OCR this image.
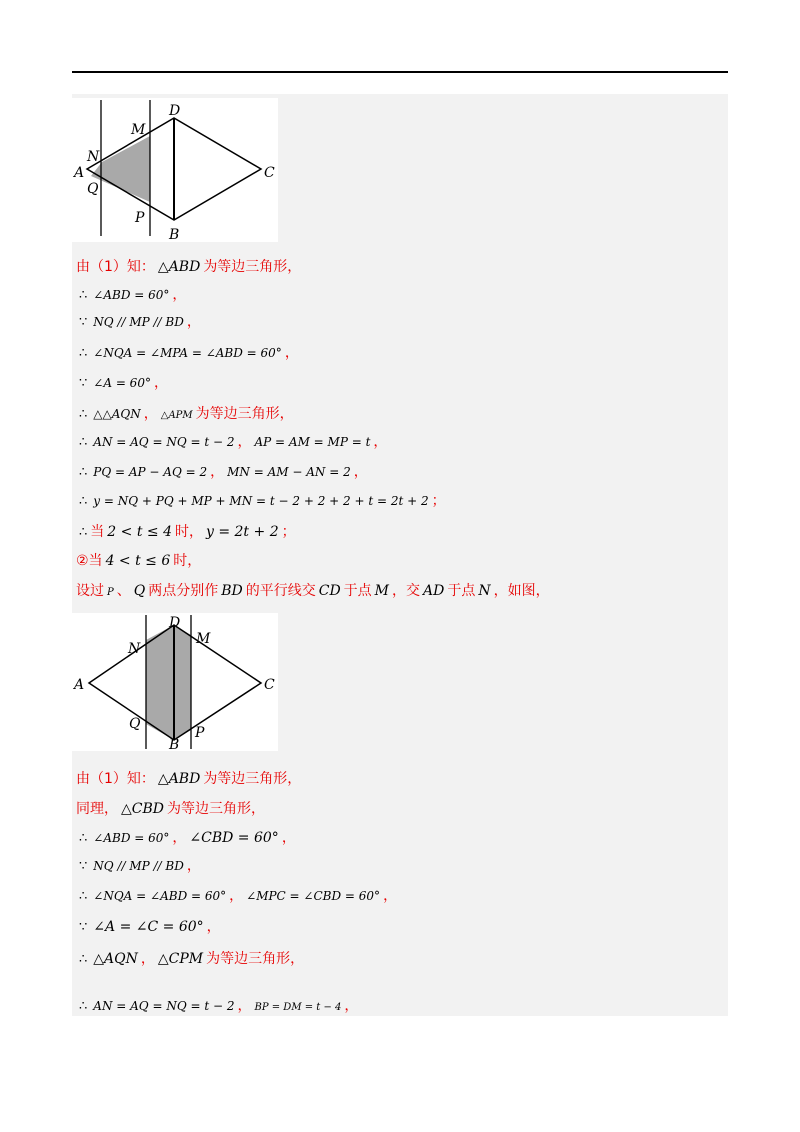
D
M
N
A
Q
C
P
B
由（1）知： △ABD 为等边三角形，
∴ ∠ABD = 60° ，
∵ NQ // MP // BD ，
∴ ∠NQA = ∠MPA = ∠ABD = 60° ，
∵ ∠A = 60° ，
∴ △△AQN ， △APM 为等边三角形，
∴ AN = AQ = NQ = t − 2 ， AP = AM = MP = t ，
∴ PQ = AP − AQ = 2 ， MN = AM − AN = 2 ，
∴ y = NQ + PQ + MP + MN = t − 2 + 2 + 2 + t = 2t + 2 ；
∴ 当 2 < t ≤ 4 时， y = 2t + 2 ；
②当 4 < t ≤ 6 时，
设过 P 、 Q 两点分别作 BD 的平行线交 CD 于点 M ，交 AD 于点 N ，如图，
D
M
N
A
Q
C
P
B
由（1）知： △ABD 为等边三角形，
同理， △CBD 为等边三角形，
∴ ∠ABD = 60° ， ∠CBD = 60° ，
∵ NQ // MP // BD ，
∴ ∠NQA = ∠ABD = 60° ， ∠MPC = ∠CBD = 60° ，
∵ ∠A = ∠C = 60° ，
∴ △AQN ， △CPM 为等边三角形，
∴ AN = AQ = NQ = t − 2 ， BP = DM = t − 4 ，
